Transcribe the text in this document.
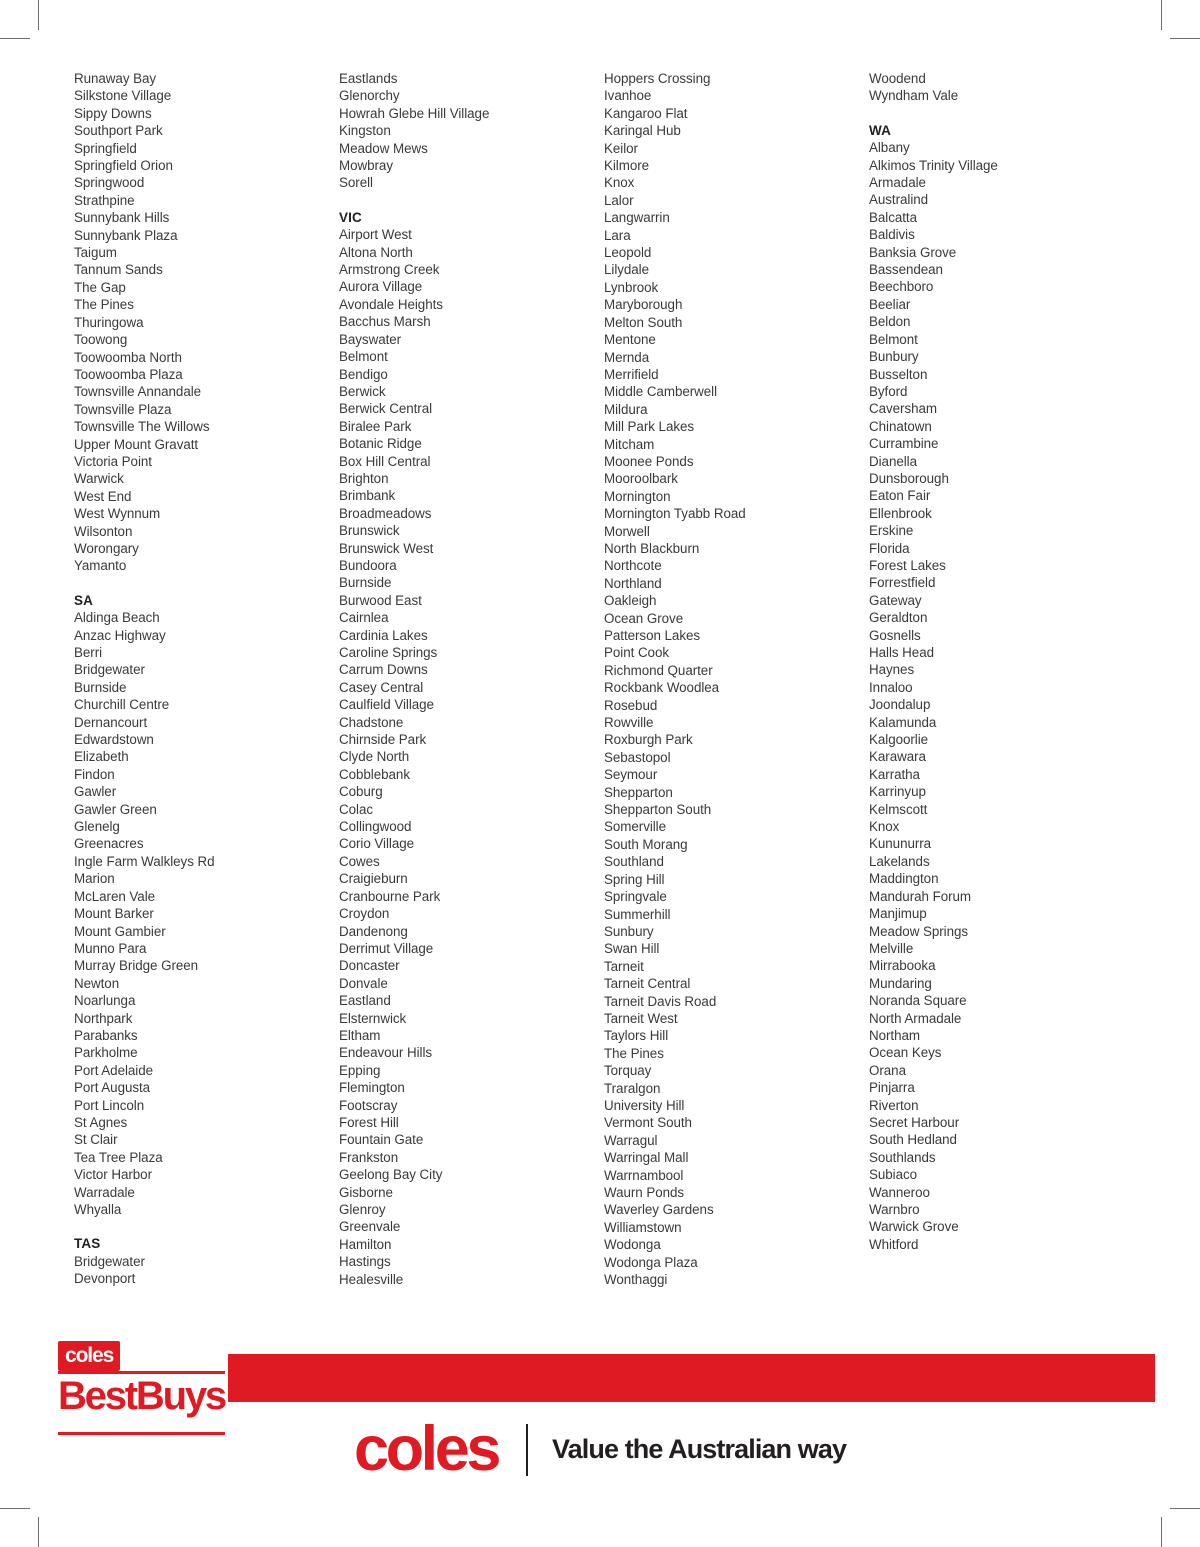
Runaway Bay
Silkstone Village
Sippy Downs
Southport Park
Springfield
Springfield Orion
Springwood
Strathpine
Sunnybank Hills
Sunnybank Plaza
Taigum
Tannum Sands
The Gap
The Pines
Thuringowa
Toowong
Toowoomba North
Toowoomba Plaza
Townsville Annandale
Townsville Plaza
Townsville The Willows
Upper Mount Gravatt
Victoria Point
Warwick
West End
West Wynnum
Wilsonton
Worongary
Yamanto
SA
Aldinga Beach
Anzac Highway
Berri
Bridgewater
Burnside
Churchill Centre
Dernancourt
Edwardstown
Elizabeth
Findon
Gawler
Gawler Green
Glenelg
Greenacres
Ingle Farm Walkleys Rd
Marion
McLaren Vale
Mount Barker
Mount Gambier
Munno Para
Murray Bridge Green
Newton
Noarlunga
Northpark
Parabanks
Parkholme
Port Adelaide
Port Augusta
Port Lincoln
St Agnes
St Clair
Tea Tree Plaza
Victor Harbor
Warradale
Whyalla
TAS
Bridgewater
Devonport
Eastlands
Glenorchy
Howrah Glebe Hill Village
Kingston
Meadow Mews
Mowbray
Sorell
VIC
Airport West
Altona North
Armstrong Creek
Aurora Village
Avondale Heights
Bacchus Marsh
Bayswater
Belmont
Bendigo
Berwick
Berwick Central
Biralee Park
Botanic Ridge
Box Hill Central
Brighton
Brimbank
Broadmeadows
Brunswick
Brunswick West
Bundoora
Burnside
Burwood East
Cairnlea
Cardinia Lakes
Caroline Springs
Carrum Downs
Casey Central
Caulfield Village
Chadstone
Chirnside Park
Clyde North
Cobblebank
Coburg
Colac
Collingwood
Corio Village
Cowes
Craigieburn
Cranbourne Park
Croydon
Dandenong
Derrimut Village
Doncaster
Donvale
Eastland
Elsternwick
Eltham
Endeavour Hills
Epping
Flemington
Footscray
Forest Hill
Fountain Gate
Frankston
Geelong Bay City
Gisborne
Glenroy
Greenvale
Hamilton
Hastings
Healesville
Hoppers Crossing
Ivanhoe
Kangaroo Flat
Karingal Hub
Keilor
Kilmore
Knox
Lalor
Langwarrin
Lara
Leopold
Lilydale
Lynbrook
Maryborough
Melton South
Mentone
Mernda
Merrifield
Middle Camberwell
Mildura
Mill Park Lakes
Mitcham
Moonee Ponds
Mooroolbark
Mornington
Mornington Tyabb Road
Morwell
North Blackburn
Northcote
Northland
Oakleigh
Ocean Grove
Patterson Lakes
Point Cook
Richmond Quarter
Rockbank Woodlea
Rosebud
Rowville
Roxburgh Park
Sebastopol
Seymour
Shepparton
Shepparton South
Somerville
South Morang
Southland
Spring Hill
Springvale
Summerhill
Sunbury
Swan Hill
Tarneit
Tarneit Central
Tarneit Davis Road
Tarneit West
Taylors Hill
The Pines
Torquay
Traralgon
University Hill
Vermont South
Warragul
Warringal Mall
Warrnambool
Waurn Ponds
Waverley Gardens
Williamstown
Wodonga
Wodonga Plaza
Wonthaggi
Woodend
Wyndham Vale
WA
Albany
Alkimos Trinity Village
Armadale
Australind
Balcatta
Baldivis
Banksia Grove
Bassendean
Beechboro
Beeliar
Beldon
Belmont
Bunbury
Busselton
Byford
Caversham
Chinatown
Currambine
Dianella
Dunsborough
Eaton Fair
Ellenbrook
Erskine
Florida
Forest Lakes
Forrestfield
Gateway
Geraldton
Gosnells
Halls Head
Haynes
Innaloo
Joondalup
Kalamunda
Kalgoorlie
Karawara
Karratha
Karrinyup
Kelmscott
Knox
Kununurra
Lakelands
Maddington
Mandurah Forum
Manjimup
Meadow Springs
Melville
Mirrabooka
Mundaring
Noranda Square
North Armadale
Northam
Ocean Keys
Orana
Pinjarra
Riverton
Secret Harbour
South Hedland
Southlands
Subiaco
Wanneroo
Warnbro
Warwick Grove
Whitford
coles
BestBuys
coles Value the Australian way
